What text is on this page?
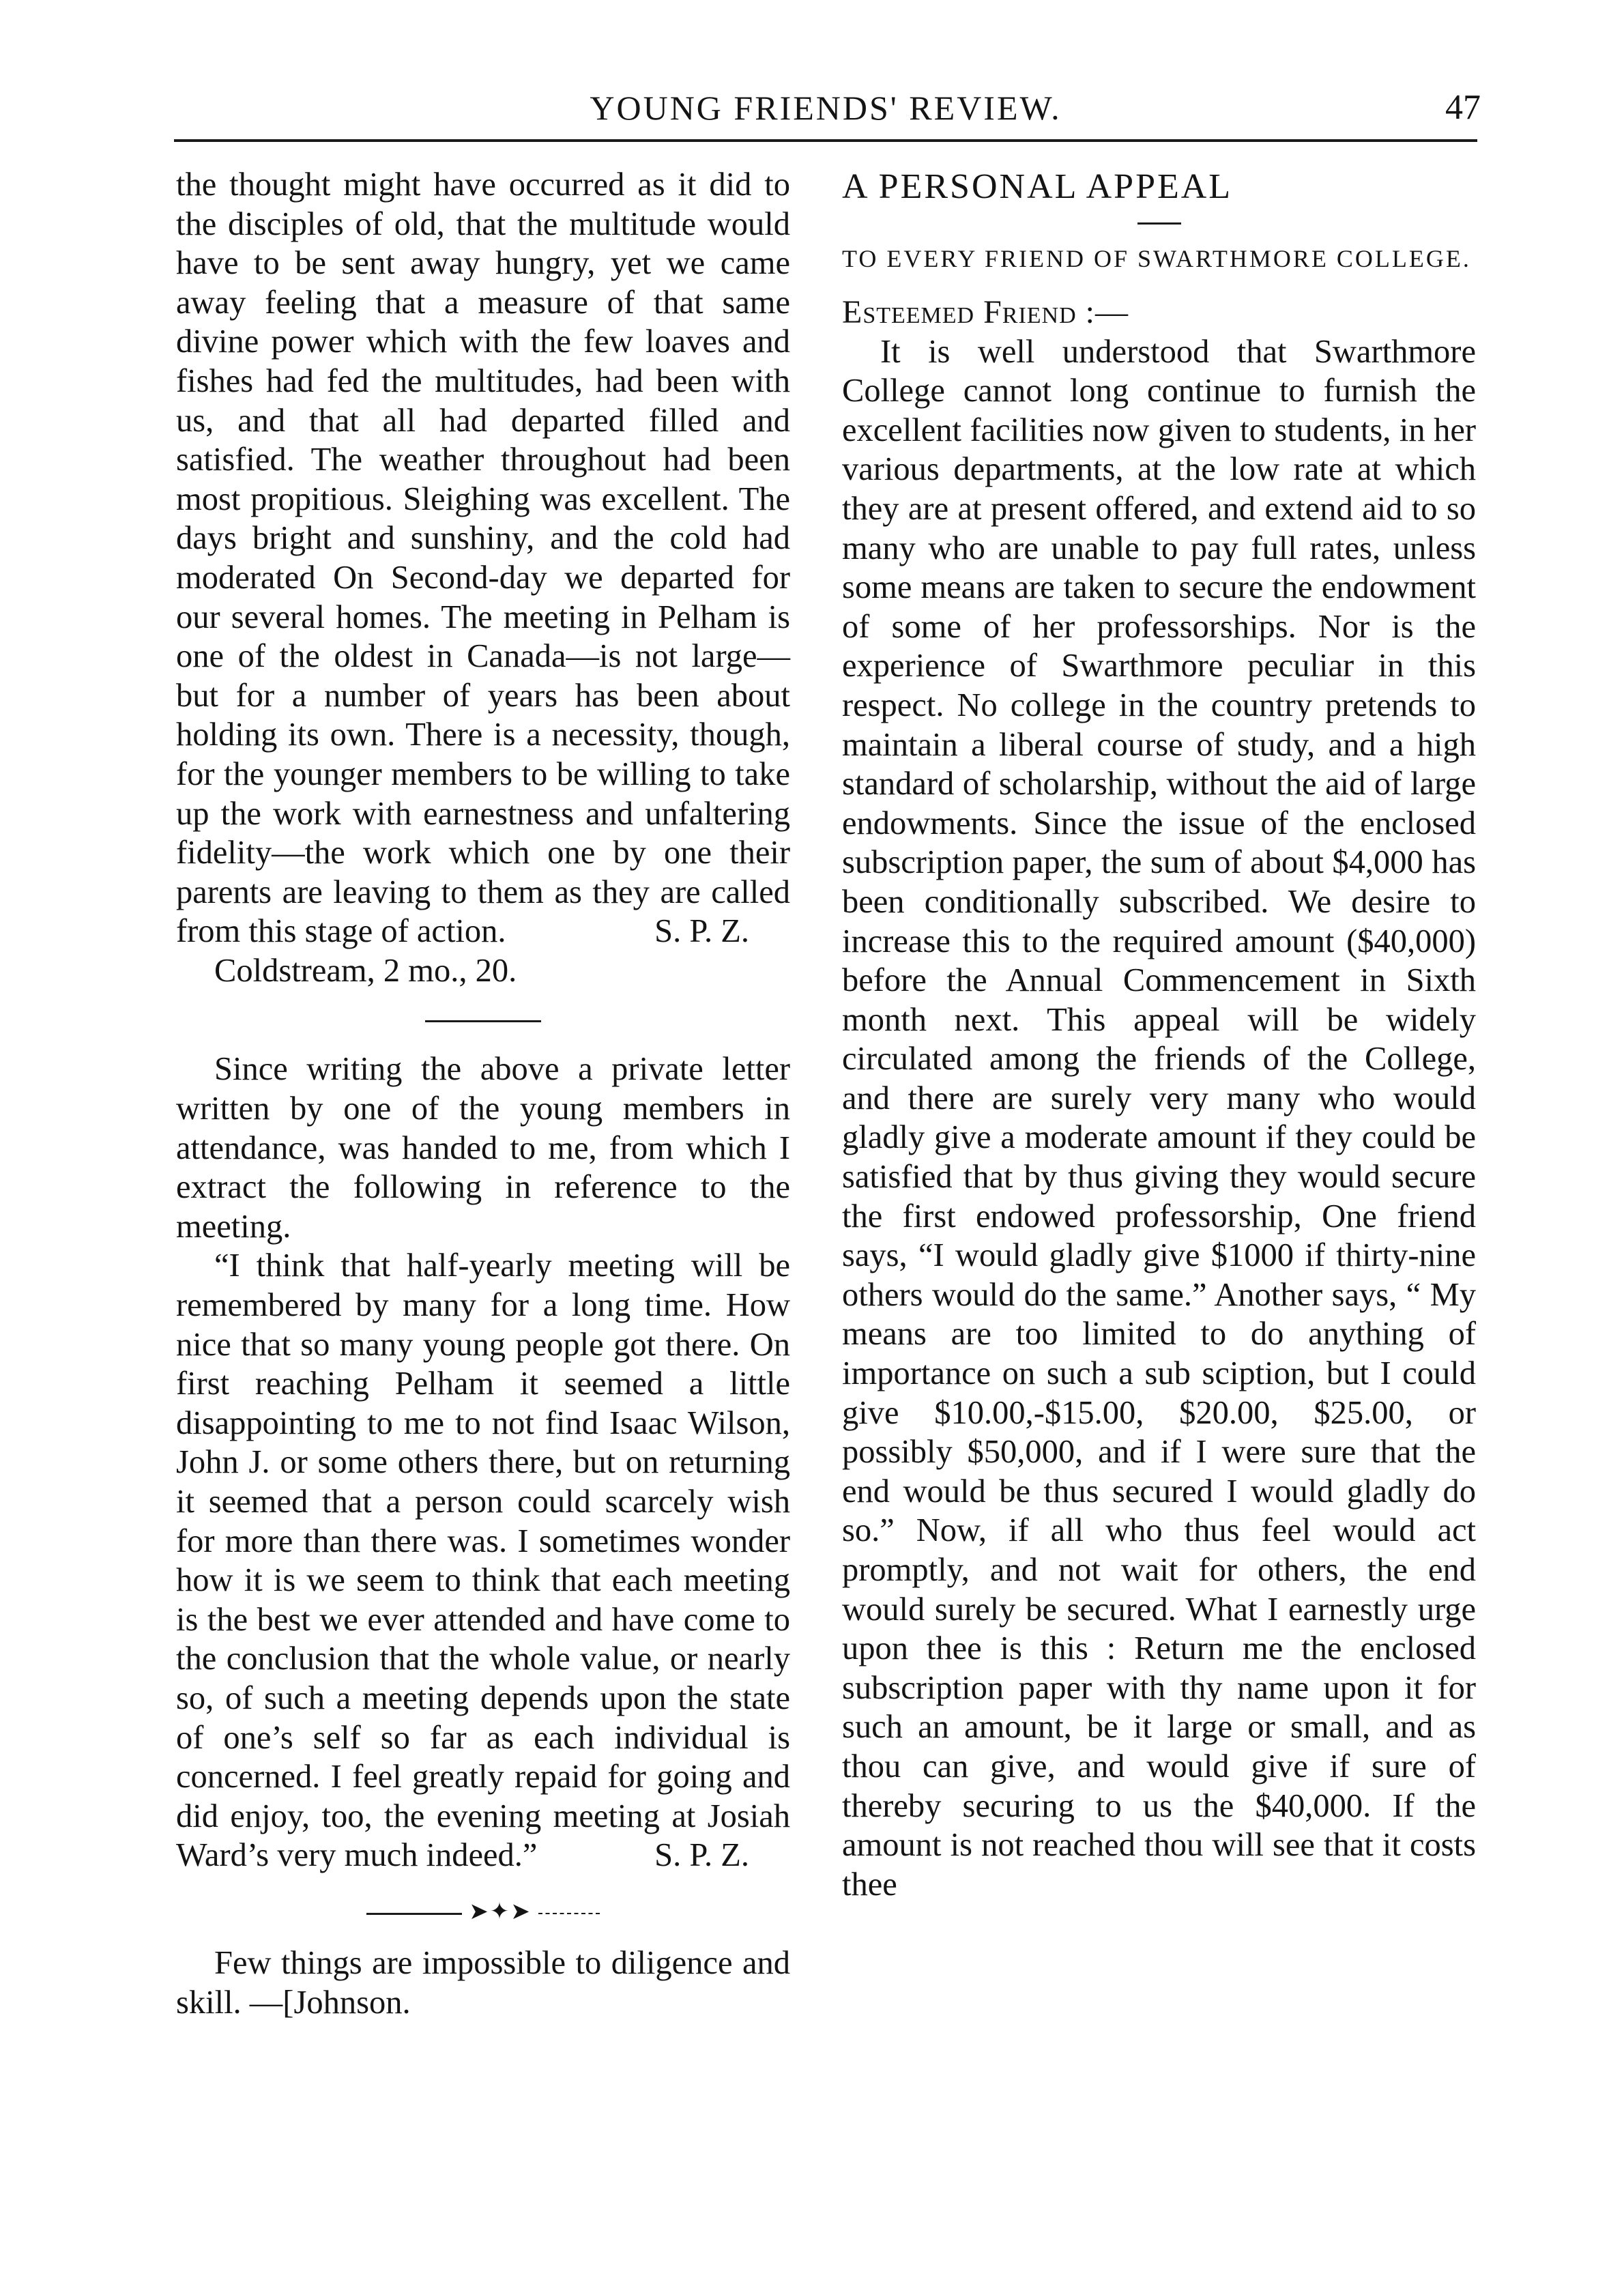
YOUNG FRIENDS' REVIEW.	47

the thought might have occurred as it did to the disciples of old, that the multitude would have to be sent away hungry, yet we came away feeling that a measure of that same divine power which with the few loaves and fishes had fed the multitudes, had been with us, and that all had departed filled and satisfied. The weather throughout had been most propitious. Sleighing was excellent. The days bright and sunshiny, and the cold had moderated On Second-day we departed for our several homes. The meeting in Pelham is one of the oldest in Canada—is not large—but for a number of years has been about holding its own. There is a necessity, though, for the younger members to be willing to take up the work with earnestness and unfaltering fidelity—the work which one by one their parents are leaving to them as they are called from this stage of action.	S. P. Z.

Coldstream, 2 mo., 20.

Since writing the above a private letter written by one of the young members in attendance, was handed to me, from which I extract the following in reference to the meeting.

“I think that half-yearly meeting will be remembered by many for a long time. How nice that so many young people got there. On first reaching Pelham it seemed a little disappointing to me to not find Isaac Wilson, John J. or some others there, but on returning it seemed that a person could scarcely wish for more than there was. I sometimes wonder how it is we seem to think that each meeting is the best we ever attended and have come to the conclusion that the whole value, or nearly so, of such a meeting depends upon the state of one’s self so far as each individual is concerned. I feel greatly repaid for going and did enjoy, too, the evening meeting at Josiah Ward’s very much indeed.”	S. P. Z.

➤✦➤

Few things are impossible to diligence and skill. —[Johnson.

A PERSONAL APPEAL

TO EVERY FRIEND OF SWARTHMORE COLLEGE.

Esteemed Friend :—

It is well understood that Swarthmore College cannot long continue to furnish the excellent facilities now given to students, in her various departments, at the low rate at which they are at present offered, and extend aid to so many who are unable to pay full rates, unless some means are taken to secure the endowment of some of her professorships. Nor is the experience of Swarthmore peculiar in this respect. No college in the country pretends to maintain a liberal course of study, and a high standard of scholarship, without the aid of large endowments. Since the issue of the enclosed subscription paper, the sum of about $4,000 has been conditionally subscribed. We desire to increase this to the required amount ($40,000) before the Annual Commencement in Sixth month next. This appeal will be widely circulated among the friends of the College, and there are surely very many who would gladly give a moderate amount if they could be satisfied that by thus giving they would secure the first endowed professorship, One friend says, “I would gladly give $1000 if thirty-nine others would do the same.” Another says, “ My means are too limited to do anything of importance on such a sub sciption, but I could give $10.00,-$15.00, $20.00, $25.00, or possibly $50,000, and if I were sure that the end would be thus secured I would gladly do so.” Now, if all who thus feel would act promptly, and not wait for others, the end would surely be secured. What I earnestly urge upon thee is this : Return me the enclosed subscription paper with thy name upon it for such an amount, be it large or small, and as thou can give, and would give if sure of thereby securing to us the $40,000. If the amount is not reached thou will see that it costs thee
